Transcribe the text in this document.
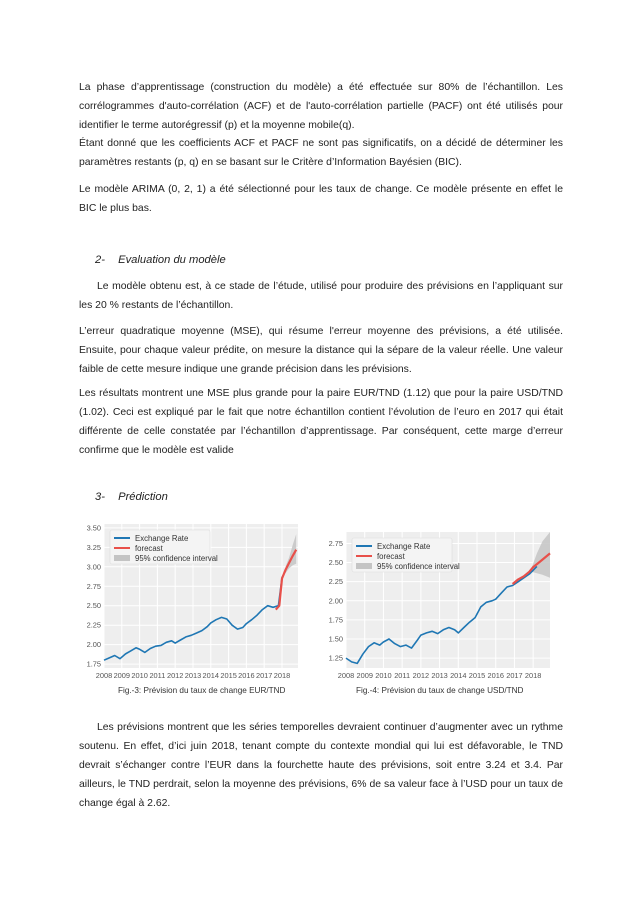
La phase d’apprentissage (construction du modèle) a été effectuée sur 80% de l’échantillon. Les corrélogrammes d'auto-corrélation (ACF) et de l'auto-corrélation partielle (PACF) ont été utilisés pour identifier le terme autorégressif (p) et la moyenne mobile(q).

Étant donné que les coefficients ACF et PACF ne sont pas significatifs, on a décidé de déterminer les paramètres restants (p, q) en se basant sur le Critère d’Information Bayésien (BIC).

Le modèle ARIMA (0, 2, 1) a été sélectionné pour les taux de change. Ce modèle présente en effet le BIC le plus bas.

2- Evaluation du modèle

Le modèle obtenu est, à ce stade de l’étude, utilisé pour produire des prévisions en l’appliquant sur les 20 % restants de l’échantillon.

L’erreur quadratique moyenne (MSE), qui résume l'erreur moyenne des prévisions, a été utilisée. Ensuite, pour chaque valeur prédite, on mesure la distance qui la sépare de la valeur réelle. Une valeur faible de cette mesure indique une grande précision dans les prévisions.

Les résultats montrent une MSE plus grande pour la paire EUR/TND (1.12) que pour la paire USD/TND (1.02). Ceci est expliqué par le fait que notre échantillon contient l’évolution de l’euro en 2017 qui était différente de celle constatée par l’échantillon d’apprentissage. Par conséquent, cette marge d’erreur confirme que le modèle est valide

3- Prédiction
3.50
3.25
3.00
2.75
2.50
2.25
2.00
1.75
2008 2009 2010 2011 2012 2013 2014 2015 2016 2017 2018
Exchange Rate
forecast
95% confidence interval
Fig.-3: Prévision du taux de change EUR/TND
2.75
2.50
2.25
2.00
1.75
1.50
1.25
2008 2009 2010 2011 2012 2013 2014 2015 2016 2017 2018
Exchange Rate
forecast
95% confidence interval
Fig.-4: Prévision du taux de change USD/TND

Les prévisions montrent que les séries temporelles devraient continuer d’augmenter avec un rythme soutenu. En effet, d’ici juin 2018, tenant compte du contexte mondial qui lui est défavorable, le TND devrait s’échanger contre l’EUR dans la fourchette haute des prévisions, soit entre 3.24 et 3.4. Par ailleurs, le TND perdrait, selon la moyenne des prévisions, 6% de sa valeur face à l’USD pour un taux de change égal à 2.62.
